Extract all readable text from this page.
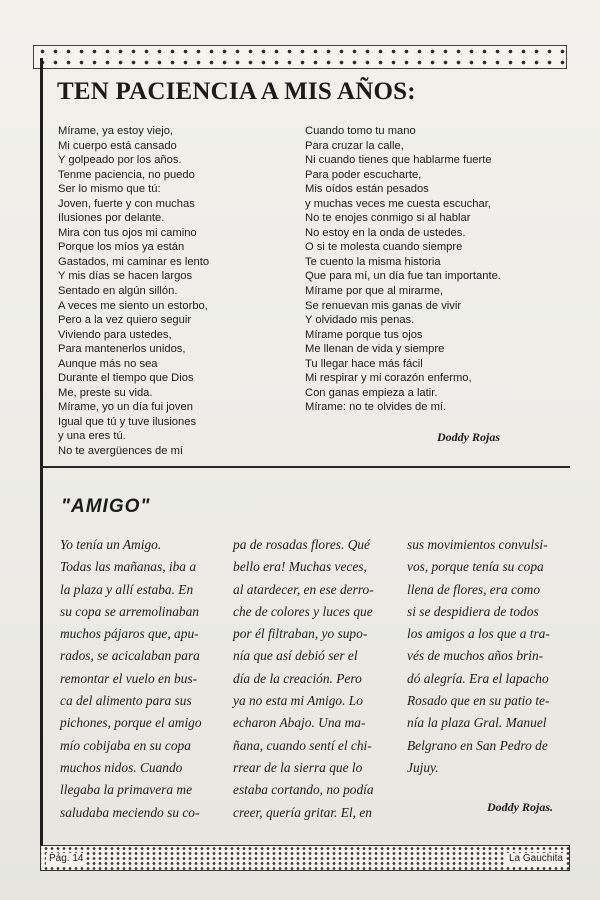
TEN PACIENCIA A MIS AÑOS:
Mírame, ya estoy viejo,
Mi cuerpo está cansado
Y golpeado por los años.
Tenme paciencia, no puedo
Ser lo mismo que tú:
Joven, fuerte y con muchas
Ilusiones por delante.
Mira con tus ojos mi camino
Porque los míos ya están
Gastados, mi caminar es lento
Y mis días se hacen largos
Sentado en algún sillón.
A veces me siento un estorbo,
Pero a la vez quiero seguir
Viviendo para ustedes,
Para mantenerlos unidos,
Aunque más no sea
Durante el tiempo que Dios
Me, preste su vida.
Mírame, yo un día fui joven
Igual que tú y tuve ilusiones
y una eres tú.
No te avergüences de mí
Cuando tomo tu mano
Para cruzar la calle,
Ni cuando tienes que hablarme fuerte
Para poder escucharte,
Mis oídos están pesados
y muchas veces me cuesta escuchar,
No te enojes conmigo si al hablar
No estoy en la onda de ustedes.
O si te molesta cuando siempre
Te cuento la misma historia
Que para mí, un día fue tan importante.
Mírame por que al mirarme,
Se renuevan mis ganas de vivir
Y olvidado mis penas.
Mírame porque tus ojos
Me llenan de vida y siempre
Tu llegar hace más fácil
Mi respirar y mi corazón enfermo,
Con ganas empieza a latir.
Mírame: no te olvides de mí.
Doddy Rojas
"AMIGO"
Yo tenía un Amigo.
Todas las mañanas, iba a
la plaza y allí estaba. En
su copa se arremolinaban
muchos pájaros que, apu-
rados, se acicalaban para
remontar el vuelo en bus-
ca del alimento para sus
pichones, porque el amigo
mío cobijaba en su copa
muchos nidos. Cuando
llegaba la primavera me
saludaba meciendo su co-
pa de rosadas flores. Qué
bello era! Muchas veces,
al atardecer, en ese derro-
che de colores y luces que
por él filtraban, yo supo-
nía que así debió ser el
día de la creación. Pero
ya no esta mi Amigo. Lo
echaron Abajo. Una ma-
ñana, cuando sentí el chi-
rrear de la sierra que lo
estaba cortando, no podía
creer, quería gritar. El, en
sus movimientos convulsi-
vos, porque tenía su copa
llena de flores, era como
si se despidiera de todos
los amigos a los que a tra-
vés de muchos años brin-
dó alegría. Era el lapacho
Rosado que en su patio te-
nía la plaza Gral. Manuel
Belgrano en San Pedro de
Jujuy.
Doddy Rojas.
Pág. 14	La Gauchita
